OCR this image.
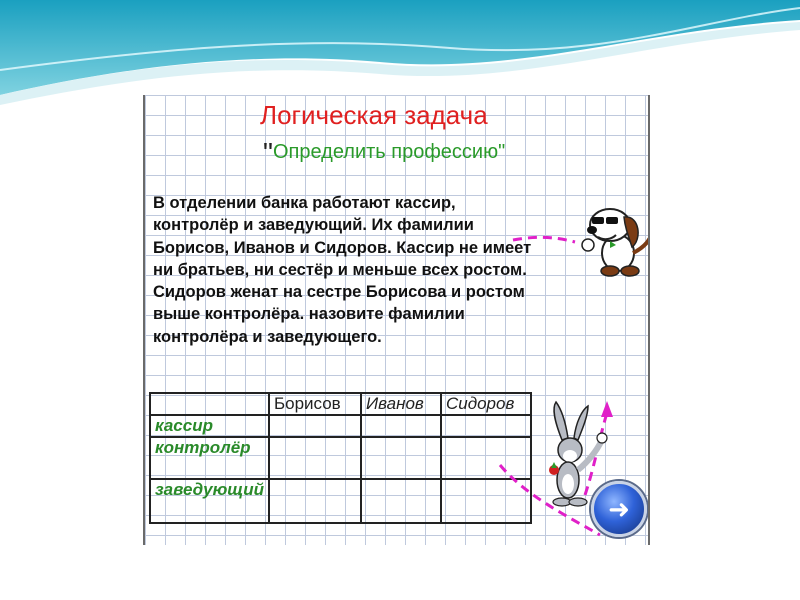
Логическая задача
"Определить профессию"

В отделении банка работают кассир, контролёр и заведующий. Их фамилии Борисов, Иванов и Сидоров. Кассир не имеет ни братьев, ни сестёр и меньше всех ростом. Сидоров женат на сестре Борисова и ростом выше контролёра. назовите фамилии контролёра и заведующего.

	Борисов	Иванов	Сидоров
кассир			
контролёр			
заведующий			
➜
